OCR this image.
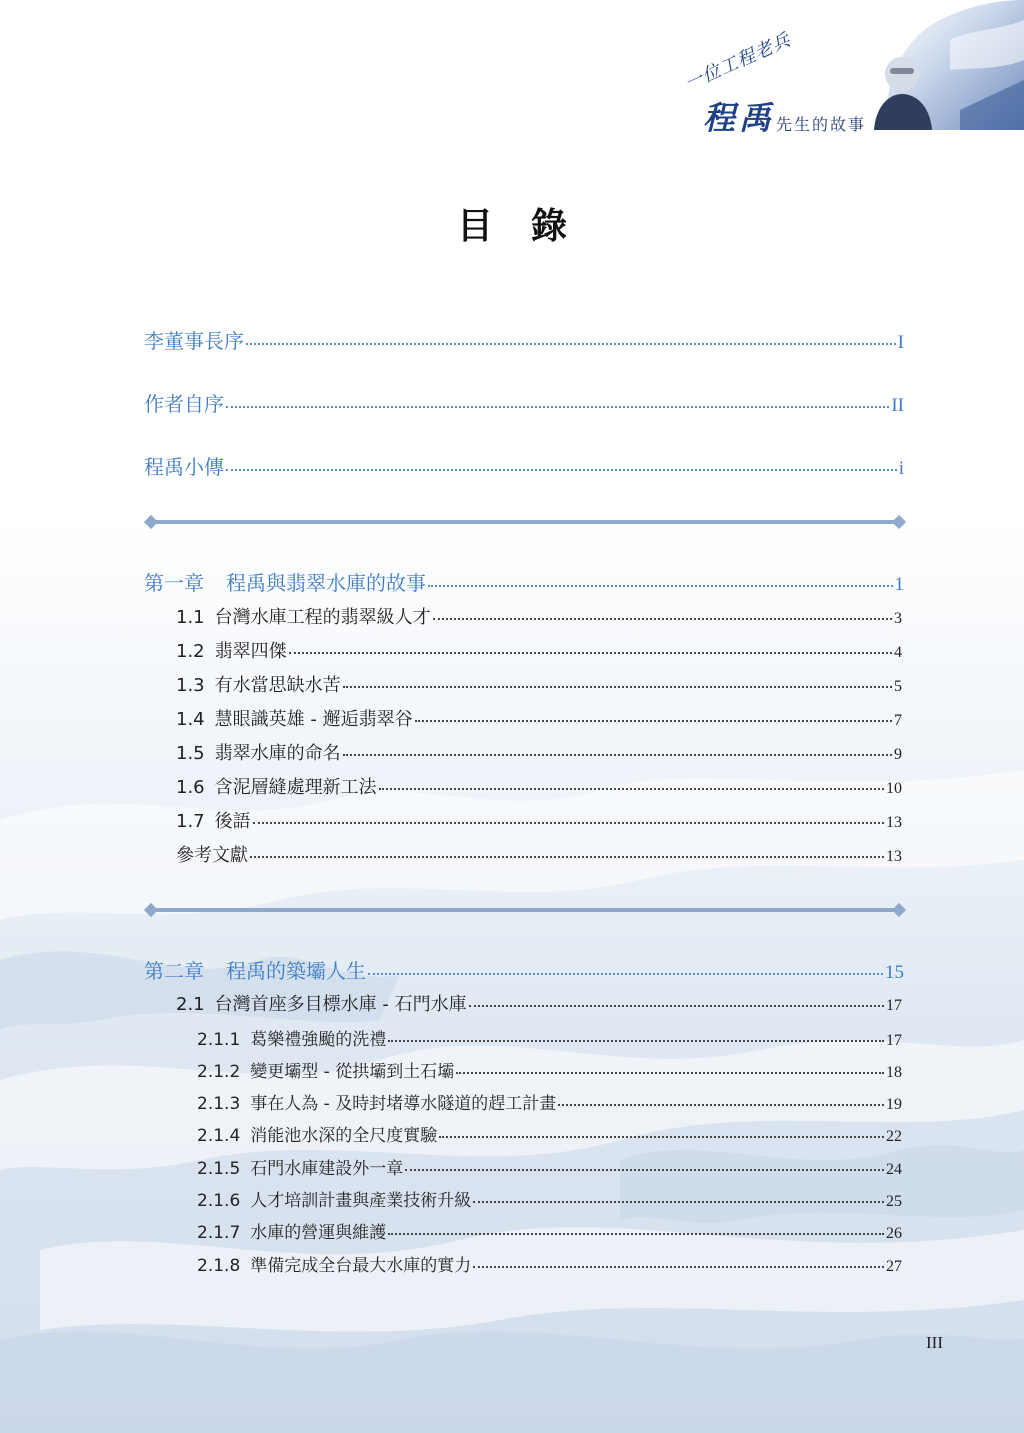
一位工程老兵
程禹 先生的故事
目錄
李董事長序	I
作者自序	II
程禹小傳	i
第一章 程禹與翡翠水庫的故事	1
1.1 台灣水庫工程的翡翠級人才	3
1.2 翡翠四傑	4
1.3 有水當思缺水苦	5
1.4 慧眼識英雄 - 邂逅翡翠谷	7
1.5 翡翠水庫的命名	9
1.6 含泥層縫處理新工法	10
1.7 後語	13
參考文獻	13
第二章 程禹的築壩人生	15
2.1 台灣首座多目標水庫 - 石門水庫	17
2.1.1 葛樂禮強颱的洗禮	17
2.1.2 變更壩型 - 從拱壩到土石壩	18
2.1.3 事在人為 - 及時封堵導水隧道的趕工計畫	19
2.1.4 消能池水深的全尺度實驗	22
2.1.5 石門水庫建設外一章	24
2.1.6 人才培訓計畫與產業技術升級	25
2.1.7 水庫的營運與維護	26
2.1.8 準備完成全台最大水庫的實力	27
III
